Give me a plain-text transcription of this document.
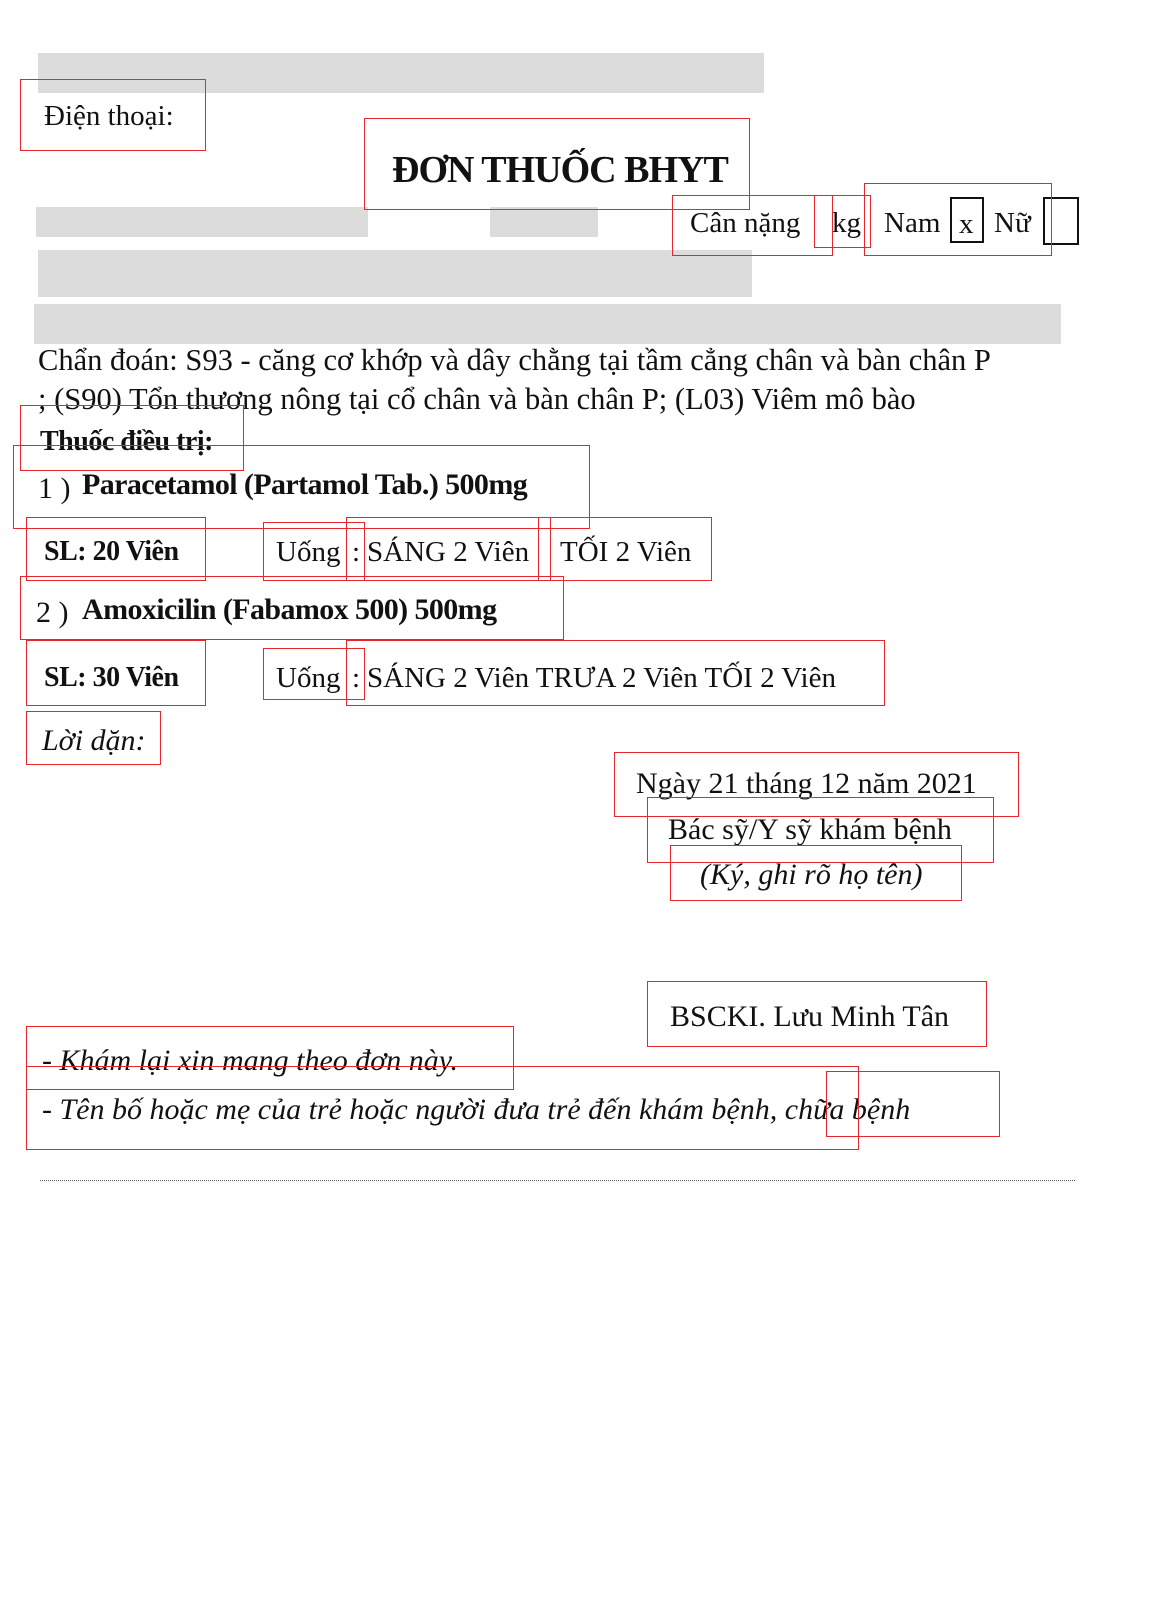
Điện thoại:
ĐƠN THUỐC BHYT
Cân nặng kg Nam x Nữ
Chẩn đoán: S93 - căng cơ khớp và dây chằng tại tầm cẳng chân và bàn chân P
; (S90) Tổn thương nông tại cổ chân và bàn chân P; (L03) Viêm mô bào
Thuốc điều trị:
1 ) Paracetamol (Partamol Tab.) 500mg
SL: 20 Viên	Uống : SÁNG 2 Viên TỐI 2 Viên
2 ) Amoxicilin (Fabamox 500) 500mg
SL: 30 Viên	Uống : SÁNG 2 Viên TRƯA 2 Viên TỐI 2 Viên
Lời dặn:
Ngày 21 tháng 12 năm 2021
Bác sỹ/Y sỹ khám bệnh
(Ký, ghi rõ họ tên)
BSCKI. Lưu Minh Tân
- Khám lại xin mang theo đơn này.
- Tên bố hoặc mẹ của trẻ hoặc người đưa trẻ đến khám bệnh, chữa bệnh
